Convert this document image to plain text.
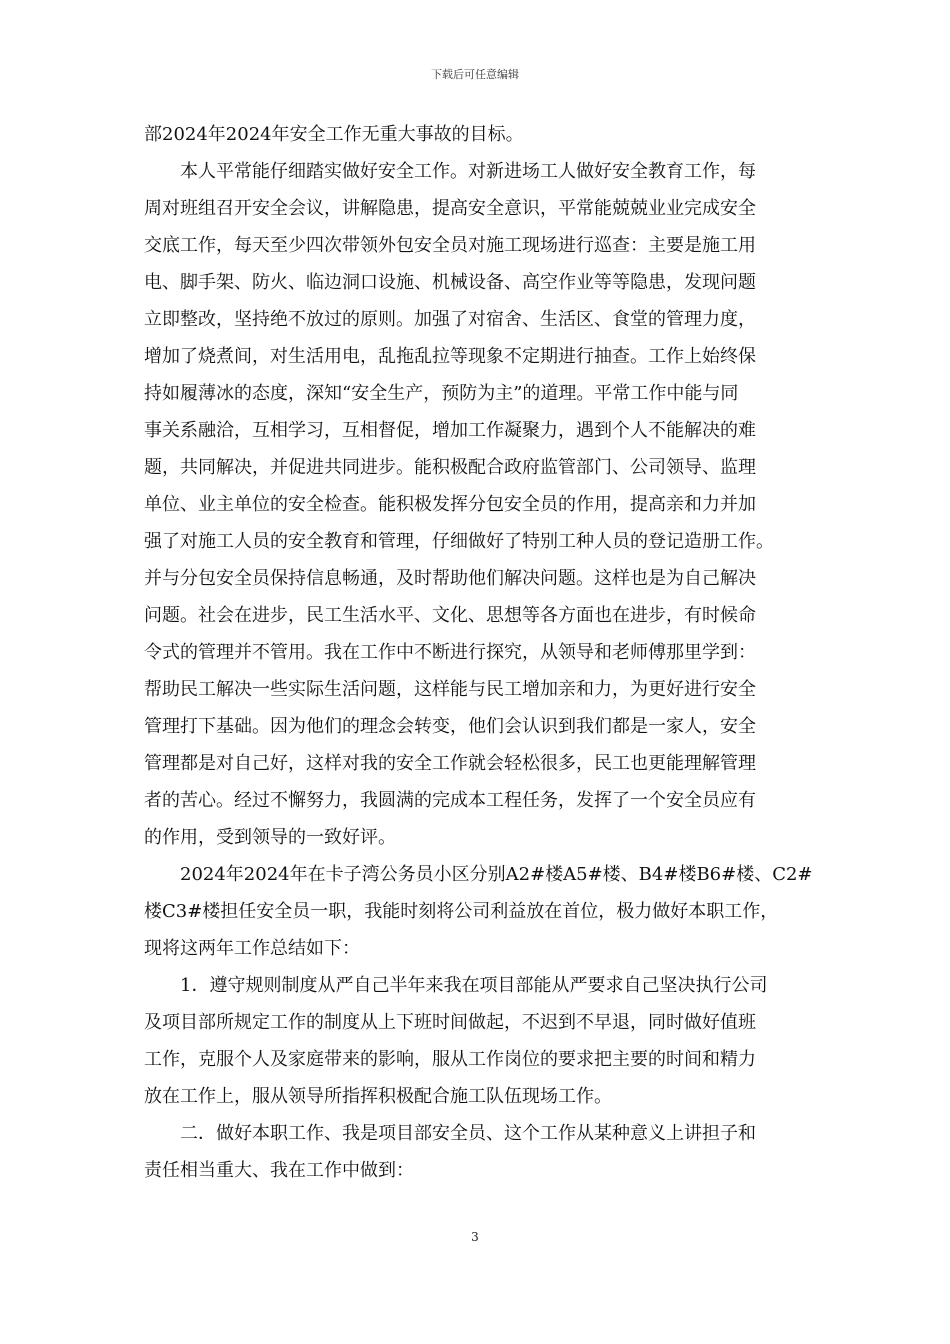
下载后可任意编辑
部2024年2024年安全工作无重大事故的目标。
　　本人平常能仔细踏实做好安全工作。对新进场工人做好安全教育工作，每
周对班组召开安全会议，讲解隐患，提高安全意识，平常能兢兢业业完成安全
交底工作，每天至少四次带领外包安全员对施工现场进行巡查：主要是施工用
电、脚手架、防火、临边洞口设施、机械设备、高空作业等等隐患，发现问题
立即整改，坚持绝不放过的原则。加强了对宿舍、生活区、食堂的管理力度，
增加了烧煮间，对生活用电，乱拖乱拉等现象不定期进行抽查。工作上始终保
持如履薄冰的态度，深知“安全生产，预防为主”的道理。平常工作中能与同
事关系融洽，互相学习，互相督促，增加工作凝聚力，遇到个人不能解决的难
题，共同解决，并促进共同进步。能积极配合政府监管部门、公司领导、监理
单位、业主单位的安全检查。能积极发挥分包安全员的作用，提高亲和力并加
强了对施工人员的安全教育和管理，仔细做好了特别工种人员的登记造册工作。
并与分包安全员保持信息畅通，及时帮助他们解决问题。这样也是为自己解决
问题。社会在进步，民工生活水平、文化、思想等各方面也在进步，有时候命
令式的管理并不管用。我在工作中不断进行探究，从领导和老师傅那里学到：
帮助民工解决一些实际生活问题，这样能与民工增加亲和力，为更好进行安全
管理打下基础。因为他们的理念会转变，他们会认识到我们都是一家人，安全
管理都是对自己好，这样对我的安全工作就会轻松很多，民工也更能理解管理
者的苦心。经过不懈努力，我圆满的完成本工程任务，发挥了一个安全员应有
的作用，受到领导的一致好评。
　　2024年2024年在卡子湾公务员小区分别A2#楼A5#楼、B4#楼B6#楼、C2#
楼C3#楼担任安全员一职，我能时刻将公司利益放在首位，极力做好本职工作，
现将这两年工作总结如下：
　　1．遵守规则制度从严自己半年来我在项目部能从严要求自己坚决执行公司
及项目部所规定工作的制度从上下班时间做起，不迟到不早退，同时做好值班
工作，克服个人及家庭带来的影响，服从工作岗位的要求把主要的时间和精力
放在工作上，服从领导所指挥积极配合施工队伍现场工作。
　　二．做好本职工作、我是项目部安全员、这个工作从某种意义上讲担子和
责任相当重大、我在工作中做到：
3
